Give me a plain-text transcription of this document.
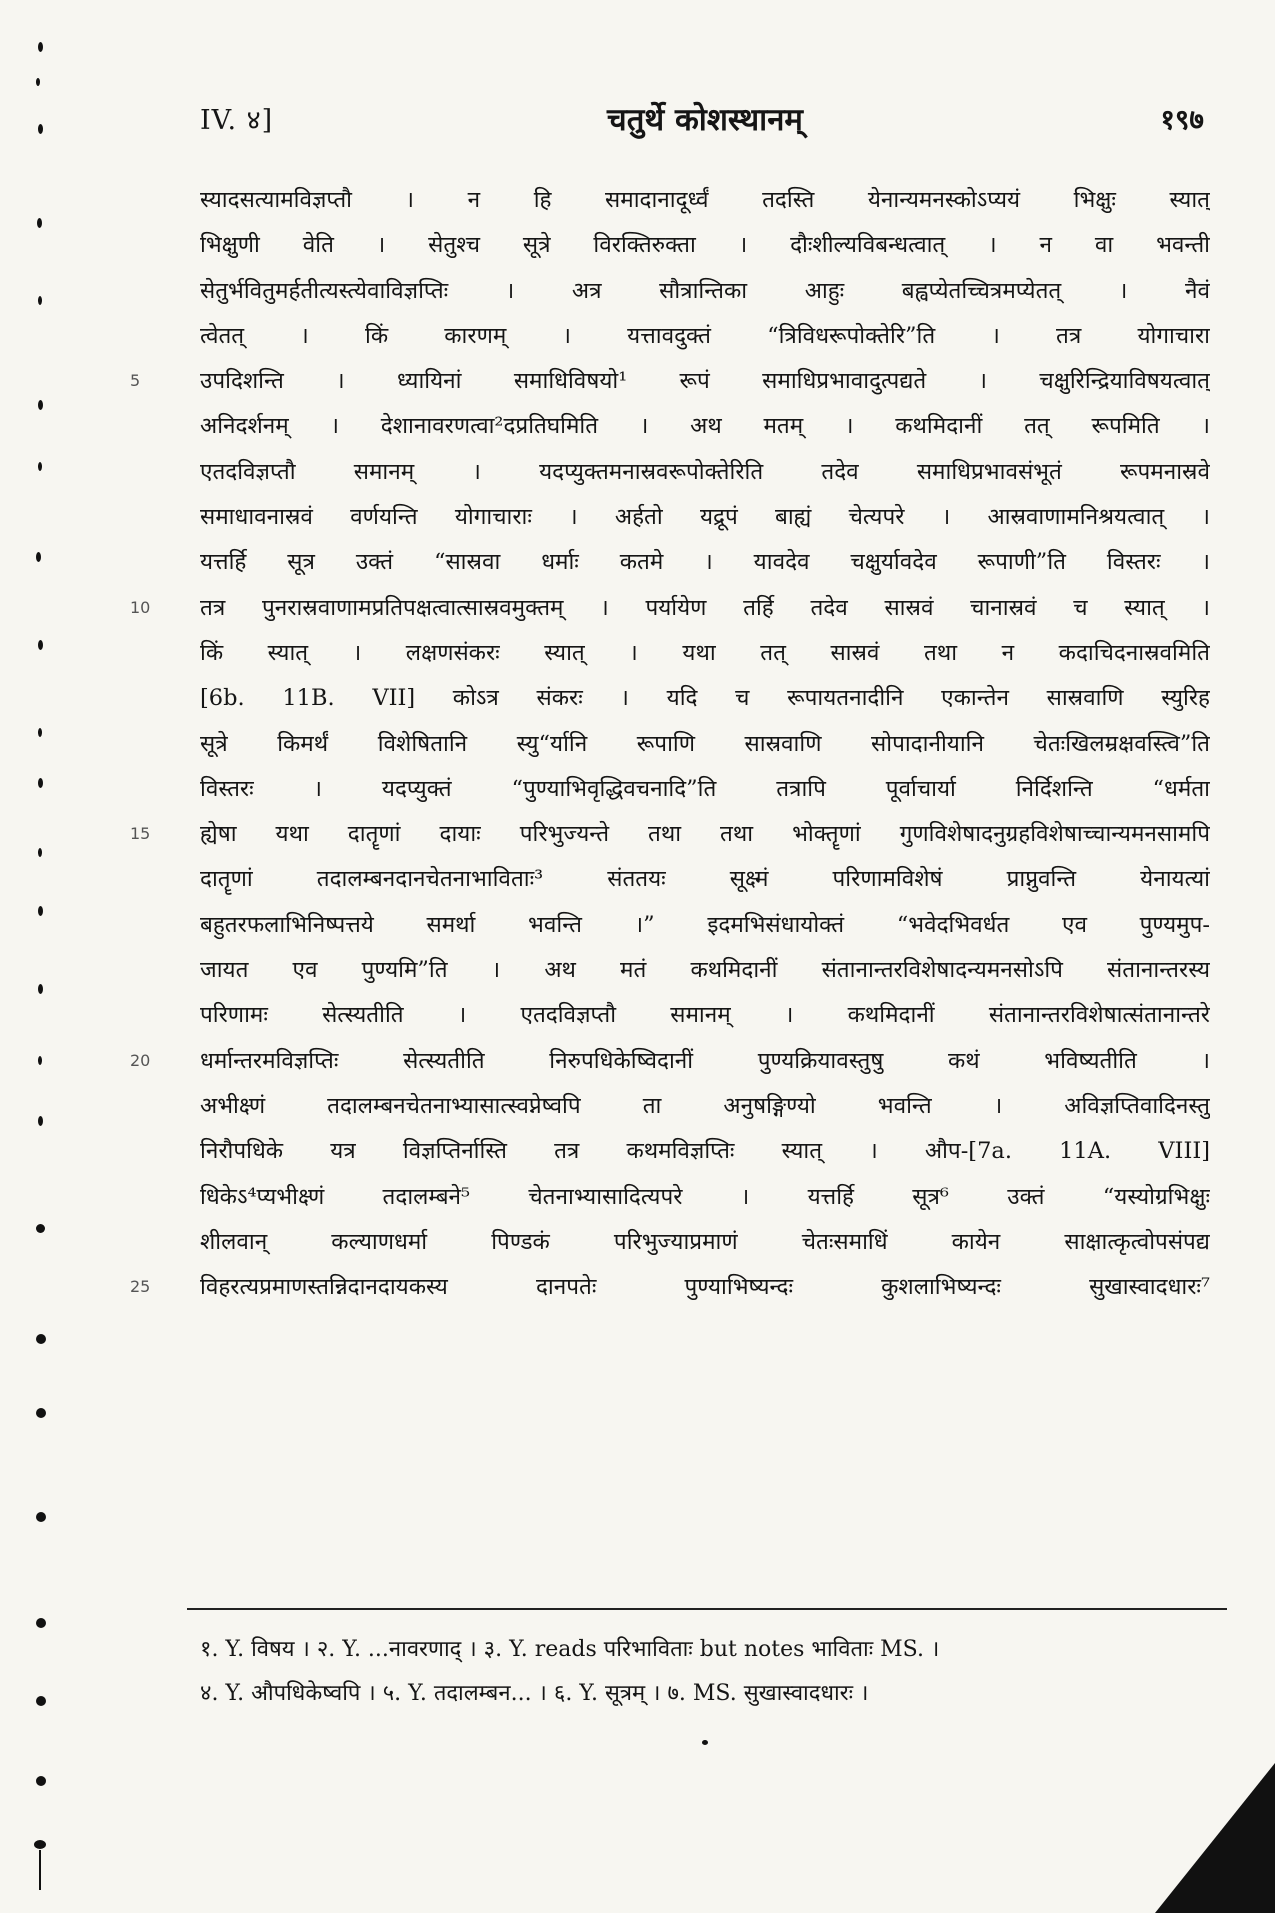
IV. ४]	चतुर्थे कोशस्थानम्	१९७
स्यादसत्यामविज्ञप्तौ । न हि समादानादूर्ध्वं तदस्ति येनान्यमनस्कोऽप्ययं भिक्षुः स्यात्
भिक्षुणी वेति । सेतुश्च सूत्रे विरक्तिरुक्ता । दौःशील्यविबन्धत्वात् । न वा भवन्ती
सेतुर्भवितुमर्हतीत्यस्त्येवाविज्ञप्तिः । अत्र सौत्रान्तिका आहुः बह्वप्येतच्चित्रमप्येतत् । नैवं
त्वेतत् । किं कारणम् । यत्तावदुक्तं “त्रिविधरूपोक्तेरि”ति । तत्र योगाचारा
उपदिशन्ति । ध्यायिनां समाधिविषयो¹ रूपं समाधिप्रभावादुत्पद्यते । चक्षुरिन्द्रियाविषयत्वात्
अनिदर्शनम् । देशानावरणत्वा²दप्रतिघमिति । अथ मतम् । कथमिदानीं तत् रूपमिति ।
एतदविज्ञप्तौ समानम् । यदप्युक्तमनास्रवरूपोक्तेरिति तदेव समाधिप्रभावसंभूतं रूपमनास्रवे
समाधावनास्रवं वर्णयन्ति योगाचाराः । अर्हतो यद्रूपं बाह्यं चेत्यपरे । आस्रवाणामनिश्रयत्वात् ।
यत्तर्हि सूत्र उक्तं “सास्रवा धर्माः कतमे । यावदेव चक्षुर्यावदेव रूपाणी”ति विस्तरः ।
तत्र पुनरास्रवाणामप्रतिपक्षत्वात्सास्रवमुक्तम् । पर्यायेण तर्हि तदेव सास्रवं चानास्रवं च स्यात् ।
किं स्यात् । लक्षणसंकरः स्यात् । यथा तत् सास्रवं तथा न कदाचिदनास्रवमिति
[6b. 11B. VII] कोऽत्र संकरः । यदि च रूपायतनादीनि एकान्तेन सास्रवाणि स्युरिह
सूत्रे किमर्थं विशेषितानि स्यु“र्यानि रूपाणि सास्रवाणि सोपादानीयानि चेतःखिलम्रक्षवस्त्वि”ति
विस्तरः । यदप्युक्तं “पुण्याभिवृद्धिवचनादि”ति तत्रापि पूर्वाचार्या निर्दिशन्ति “धर्मता
ह्येषा यथा दातॄणां दायाः परिभुज्यन्ते तथा तथा भोक्तॄणां गुणविशेषादनुग्रहविशेषाच्चान्यमनसामपि
दातॄणां तदालम्बनदानचेतनाभाविताः³ संततयः सूक्ष्मं परिणामविशेषं प्राप्नुवन्ति येनायत्यां
बहुतरफलाभिनिष्पत्तये समर्था भवन्ति ।” इदमभिसंधायोक्तं “भवेदभिवर्धत एव पुण्यमुप-
जायत एव पुण्यमि”ति । अथ मतं कथमिदानीं संतानान्तरविशेषादन्यमनसोऽपि संतानान्तरस्य
परिणामः सेत्स्यतीति । एतदविज्ञप्तौ समानम् । कथमिदानीं संतानान्तरविशेषात्संतानान्तरे
धर्मान्तरमविज्ञप्तिः सेत्स्यतीति निरुपधिकेष्विदानीं पुण्यक्रियावस्तुषु कथं भविष्यतीति ।
अभीक्ष्णं तदालम्बनचेतनाभ्यासात्स्वप्नेष्वपि ता अनुषङ्गिण्यो भवन्ति । अविज्ञप्तिवादिनस्तु
निरौपधिके यत्र विज्ञप्तिर्नास्ति तत्र कथमविज्ञप्तिः स्यात् । औप-[7a. 11A. VIII]
धिकेऽ⁴प्यभीक्ष्णं तदालम्बने⁵ चेतनाभ्यासादित्यपरे । यत्तर्हि सूत्र⁶ उक्तं “यस्योग्रभिक्षुः
शीलवान् कल्याणधर्मा पिण्डकं परिभुज्याप्रमाणं चेतःसमाधिं कायेन साक्षात्कृत्वोपसंपद्य
विहरत्यप्रमाणस्तन्निदानदायकस्य दानपतेः पुण्याभिष्यन्दः कुशलाभिष्यन्दः सुखास्वादधारः⁷
१. Y. विषय । २. Y. ...नावरणाद् । ३. Y. reads परिभाविताः but notes भाविताः MS. ।
४. Y. औपधिकेष्वपि । ५. Y. तदालम्बन... । ६. Y. सूत्रम् । ७. MS. सुखास्वादधारः ।
5
10
15
20
25
